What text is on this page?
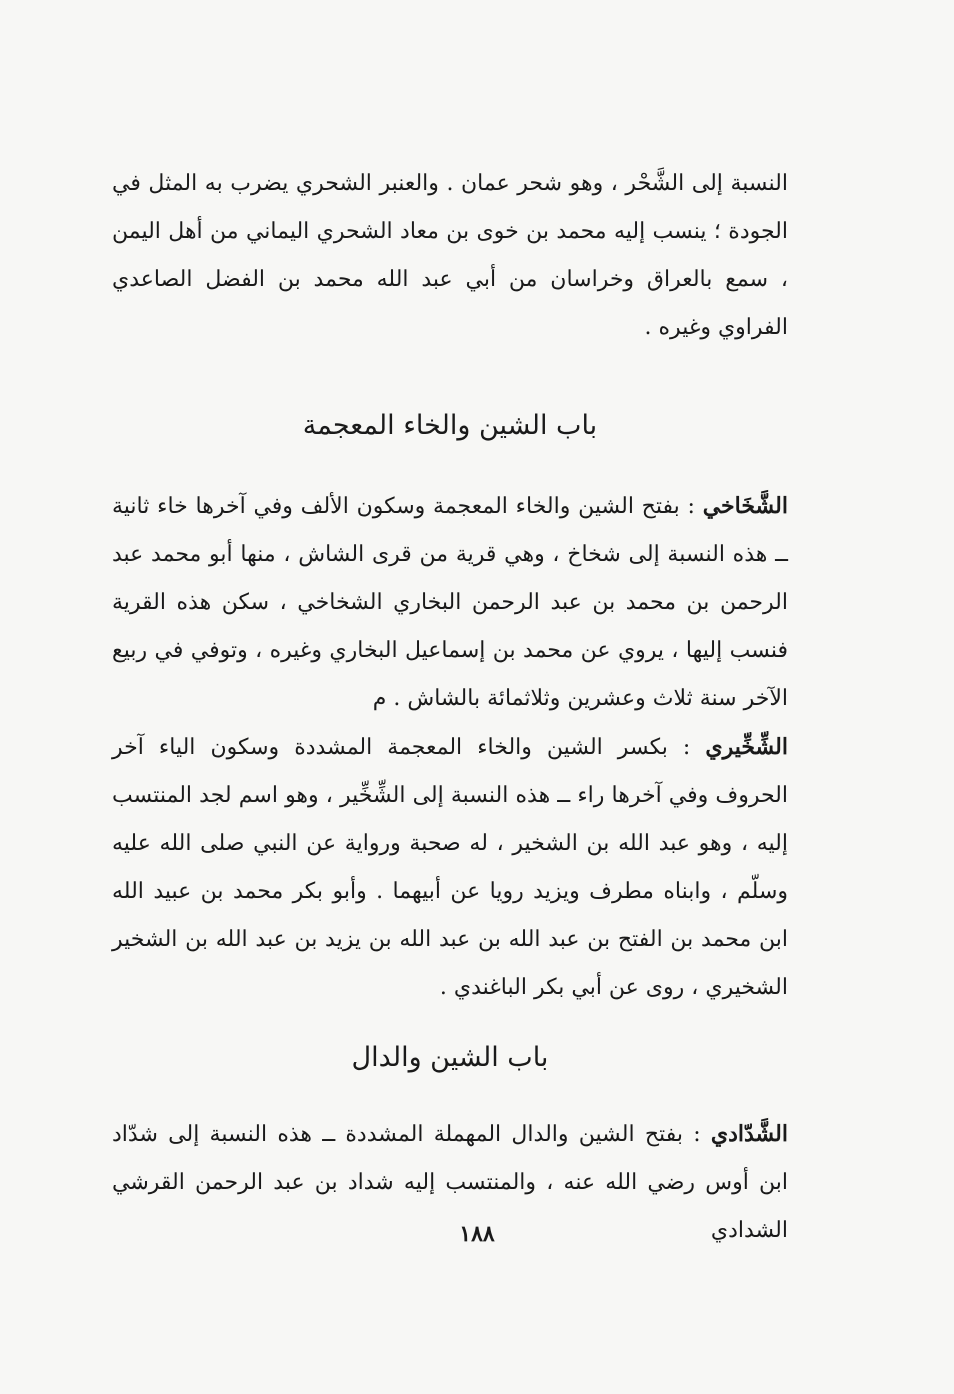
النسبة إلى الشَّحْر ، وهو شحر عمان . والعنبر الشحري يضرب به المثل في الجودة ؛ ينسب إليه محمد بن خوى بن معاد الشحري اليماني من أهل اليمن ، سمع بالعراق وخراسان من أبي عبد الله محمد بن الفضل الصاعدي الفراوي وغيره .

باب الشين والخاء المعجمة

الشَّخَاخي : بفتح الشين والخاء المعجمة وسكون الألف وفي آخرها خاء ثانية ــ هذه النسبة إلى شخاخ ، وهي قرية من قرى الشاش ، منها أبو محمد عبد الرحمن بن محمد بن عبد الرحمن البخاري الشخاخي ، سكن هذه القرية فنسب إليها ، يروي عن محمد بن إسماعيل البخاري وغيره ، وتوفي في ربيع الآخر سنة ثلاث وعشرين وثلاثمائة بالشاش . م

الشِّخِّيري : بكسر الشين والخاء المعجمة المشددة وسكون الياء آخر الحروف وفي آخرها راء ــ هذه النسبة إلى الشِّخِّير ، وهو اسم لجد المنتسب إليه ، وهو عبد الله بن الشخير ، له صحبة ورواية عن النبي صلى الله عليه وسلّم ، وابناه مطرف ويزيد رويا عن أبيهما . وأبو بكر محمد بن عبيد الله ابن محمد بن الفتح بن عبد الله بن عبد الله بن يزيد بن عبد الله بن الشخير الشخيري ، روى عن أبي بكر الباغندي .

باب الشين والدال

الشَّدّادي : بفتح الشين والدال المهملة المشددة ــ هذه النسبة إلى شدّاد ابن أوس رضي الله عنه ، والمنتسب إليه شداد بن عبد الرحمن القرشي الشدادي

١٨٨
